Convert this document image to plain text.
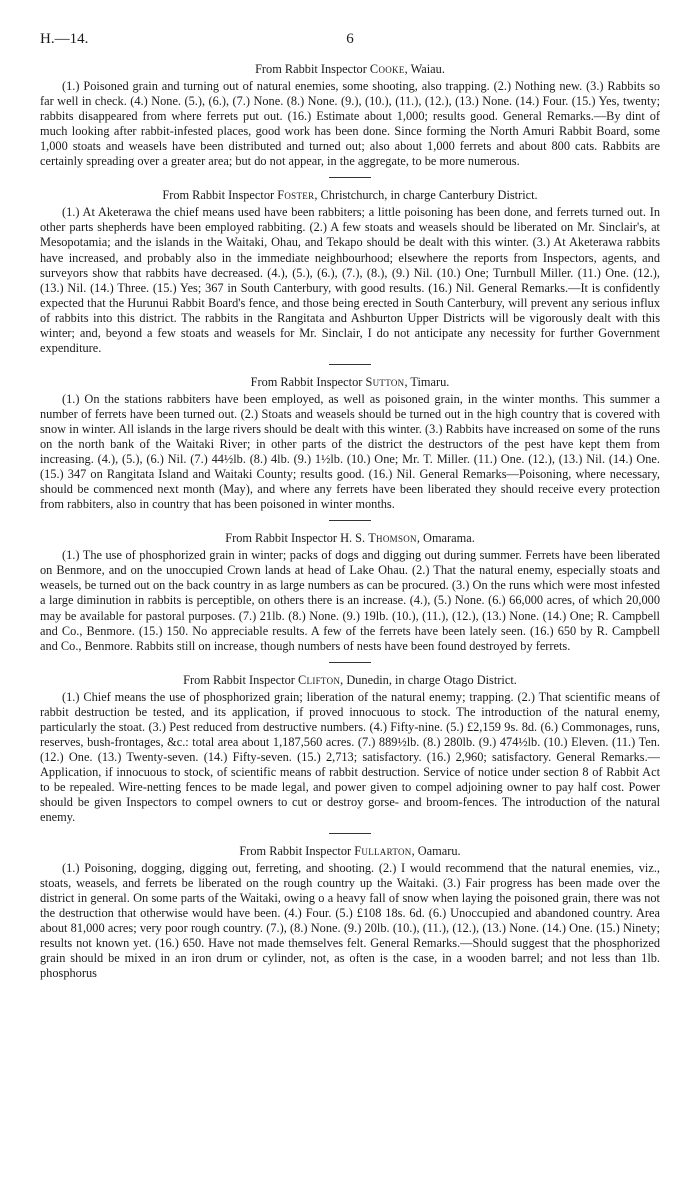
H.—14.	6

From Rabbit Inspector Cooke, Waiau.

(1.) Poisoned grain and turning out of natural enemies, some shooting, also trapping. (2.) Nothing new. (3.) Rabbits so far well in check. (4.) None. (5.), (6.), (7.) None. (8.) None. (9.), (10.), (11.), (12.), (13.) None. (14.) Four. (15.) Yes, twenty; rabbits disappeared from where ferrets put out. (16.) Estimate about 1,000; results good. General Remarks.—By dint of much looking after rabbit-infested places, good work has been done. Since forming the North Amuri Rabbit Board, some 1,000 stoats and weasels have been distributed and turned out; also about 1,000 ferrets and about 800 cats. Rabbits are certainly spreading over a greater area; but do not appear, in the aggregate, to be more numerous.

From Rabbit Inspector Foster, Christchurch, in charge Canterbury District.

(1.) At Aketerawa the chief means used have been rabbiters; a little poisoning has been done, and ferrets turned out. In other parts shepherds have been employed rabbiting. (2.) A few stoats and weasels should be liberated on Mr. Sinclair's, at Mesopotamia; and the islands in the Waitaki, Ohau, and Tekapo should be dealt with this winter. (3.) At Aketerawa rabbits have increased, and probably also in the immediate neighbourhood; elsewhere the reports from Inspectors, agents, and surveyors show that rabbits have decreased. (4.), (5.), (6.), (7.), (8.), (9.) Nil. (10.) One; Turnbull Miller. (11.) One. (12.), (13.) Nil. (14.) Three. (15.) Yes; 367 in South Canterbury, with good results. (16.) Nil. General Remarks.—It is confidently expected that the Hurunui Rabbit Board's fence, and those being erected in South Canterbury, will prevent any serious influx of rabbits into this district. The rabbits in the Rangitata and Ashburton Upper Districts will be vigorously dealt with this winter; and, beyond a few stoats and weasels for Mr. Sinclair, I do not anticipate any necessity for further Government expenditure.

From Rabbit Inspector Sutton, Timaru.

(1.) On the stations rabbiters have been employed, as well as poisoned grain, in the winter months. This summer a number of ferrets have been turned out. (2.) Stoats and weasels should be turned out in the high country that is covered with snow in winter. All islands in the large rivers should be dealt with this winter. (3.) Rabbits have increased on some of the runs on the north bank of the Waitaki River; in other parts of the district the destructors of the pest have kept them from increasing. (4.), (5.), (6.) Nil. (7.) 44½lb. (8.) 4lb. (9.) 1½lb. (10.) One; Mr. T. Miller. (11.) One. (12.), (13.) Nil. (14.) One. (15.) 347 on Rangitata Island and Waitaki County; results good. (16.) Nil. General Remarks—Poisoning, where necessary, should be commenced next month (May), and where any ferrets have been liberated they should receive every protection from rabbiters, also in country that has been poisoned in winter months.

From Rabbit Inspector H. S. Thomson, Omarama.

(1.) The use of phosphorized grain in winter; packs of dogs and digging out during summer. Ferrets have been liberated on Benmore, and on the unoccupied Crown lands at head of Lake Ohau. (2.) That the natural enemy, especially stoats and weasels, be turned out on the back country in as large numbers as can be procured. (3.) On the runs which were most infested a large diminution in rabbits is perceptible, on others there is an increase. (4.), (5.) None. (6.) 66,000 acres, of which 20,000 may be available for pastoral purposes. (7.) 21lb. (8.) None. (9.) 19lb. (10.), (11.), (12.), (13.) None. (14.) One; R. Campbell and Co., Benmore. (15.) 150. No appreciable results. A few of the ferrets have been lately seen. (16.) 650 by R. Campbell and Co., Benmore. Rabbits still on increase, though numbers of nests have been found destroyed by ferrets.

From Rabbit Inspector Clifton, Dunedin, in charge Otago District.

(1.) Chief means the use of phosphorized grain; liberation of the natural enemy; trapping. (2.) That scientific means of rabbit destruction be tested, and its application, if proved innocuous to stock. The introduction of the natural enemy, particularly the stoat. (3.) Pest reduced from destructive numbers. (4.) Fifty-nine. (5.) £2,159 9s. 8d. (6.) Commonages, runs, reserves, bush-frontages, &c.: total area about 1,187,560 acres. (7.) 889½lb. (8.) 280lb. (9.) 474½lb. (10.) Eleven. (11.) Ten. (12.) One. (13.) Twenty-seven. (14.) Fifty-seven. (15.) 2,713; satisfactory. (16.) 2,960; satisfactory. General Remarks.—Application, if innocuous to stock, of scientific means of rabbit destruction. Service of notice under section 8 of Rabbit Act to be repealed. Wire-netting fences to be made legal, and power given to compel adjoining owner to pay half cost. Power should be given Inspectors to compel owners to cut or destroy gorse- and broom-fences. The introduction of the natural enemy.

From Rabbit Inspector Fullarton, Oamaru.

(1.) Poisoning, dogging, digging out, ferreting, and shooting. (2.) I would recommend that the natural enemies, viz., stoats, weasels, and ferrets be liberated on the rough country up the Waitaki. (3.) Fair progress has been made over the district in general. On some parts of the Waitaki, owing o a heavy fall of snow when laying the poisoned grain, there was not the destruction that otherwise would have been. (4.) Four. (5.) £108 18s. 6d. (6.) Unoccupied and abandoned country. Area about 81,000 acres; very poor rough country. (7.), (8.) None. (9.) 20lb. (10.), (11.), (12.), (13.) None. (14.) One. (15.) Ninety; results not known yet. (16.) 650. Have not made themselves felt. General Remarks.—Should suggest that the phosphorized grain should be mixed in an iron drum or cylinder, not, as often is the case, in a wooden barrel; and not less than 1lb. phosphorus
